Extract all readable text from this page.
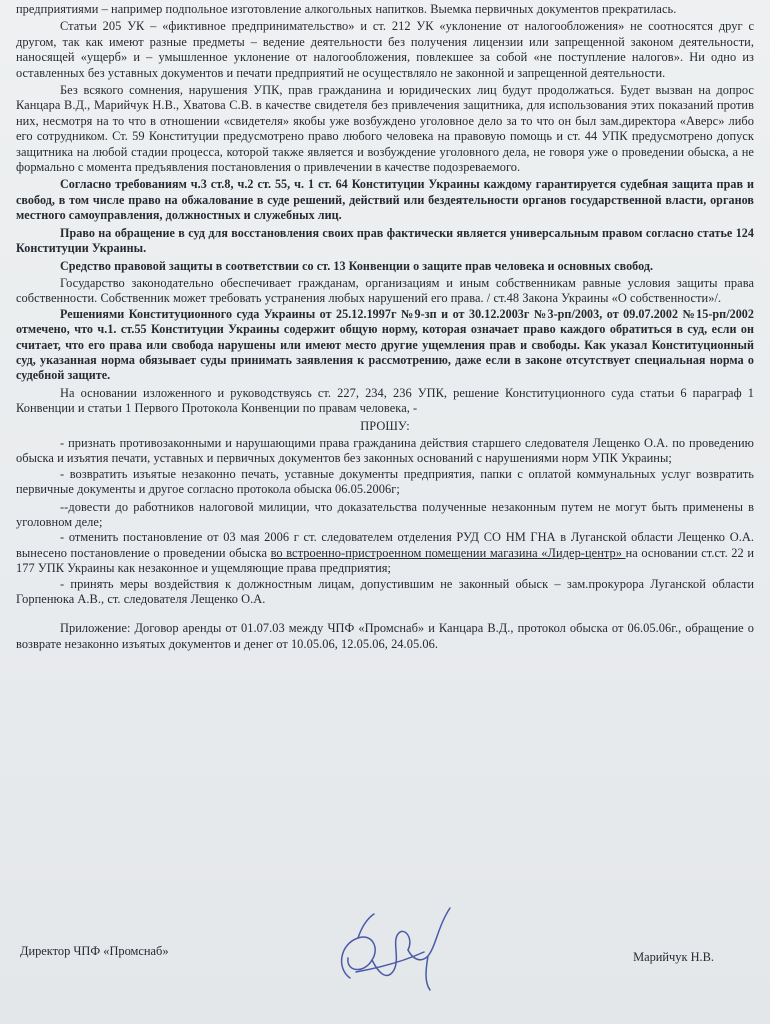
предприятиями – например подпольное изготовление алкогольных напитков. Выемка первичных документов прекратилась.

Статьи 205 УК – «фиктивное предпринимательство» и ст. 212 УК «уклонение от налогообложения» не соотносятся друг с другом, так как имеют разные предметы – ведение деятельности без получения лицензии или запрещенной законом деятельности, наносящей «ущерб» и – умышленное уклонение от налогообложения, повлекшее за собой «не поступление налогов». Ни одно из оставленных без уставных документов и печати предприятий не осуществляло не законной и запрещенной деятельности.

Без всякого сомнения, нарушения УПК, прав гражданина и юридических лиц будут продолжаться. Будет вызван на допрос Канцара В.Д., Марийчук Н.В., Хватова С.В. в качестве свидетеля без привлечения защитника, для использования этих показаний против них, несмотря на то что в отношении «свидетеля» якобы уже возбуждено уголовное дело за то что он был зам.директора «Аверс» либо его сотрудником. Ст. 59 Конституции предусмотрено право любого человека на правовую помощь и ст. 44 УПК предусмотрено допуск защитника на любой стадии процесса, которой также является и возбуждение уголовного дела, не говоря уже о проведении обыска, а не формально с момента предъявления постановления о привлечении в качестве подозреваемого.

Согласно требованиям ч.3 ст.8, ч.2 ст. 55, ч. 1 ст. 64 Конституции Украины каждому гарантируется судебная защита прав и свобод, в том числе право на обжалование в суде решений, действий или бездеятельности органов государственной власти, органов местного самоуправления, должностных и служебных лиц.

Право на обращение в суд для восстановления своих прав фактически является универсальным правом согласно статье 124 Конституции Украины.

Средство правовой защиты в соответствии со ст. 13 Конвенции о защите прав человека и основных свобод.

Государство законодательно обеспечивает гражданам, организациям и иным собственникам равные условия защиты права собственности. Собственник может требовать устранения любых нарушений его права. / ст.48 Закона Украины «О собственности»/.

Решениями Конституционного суда Украины от 25.12.1997г №9-зп и от 30.12.2003г №3-рп/2003, от 09.07.2002 №15-рп/2002 отмечено, что ч.1. ст.55 Конституции Украины содержит общую норму, которая означает право каждого обратиться в суд, если он считает, что его права или свобода нарушены или имеют место другие ущемления прав и свободы. Как указал Конституционный суд, указанная норма обязывает суды принимать заявления к рассмотрению, даже если в законе отсутствует специальная норма о судебной защите.

На основании изложенного и руководствуясь ст. 227, 234, 236 УПК, решение Конституционного суда статьи 6 параграф 1 Конвенции и статьи 1 Первого Протокола Конвенции по правам человека, -

ПРОШУ:

- признать противозаконными и нарушающими права гражданина действия старшего следователя Лещенко О.А. по проведению обыска и изъятия печати, уставных и первичных документов без законных оснований с нарушениями норм УПК Украины;

- возвратить изъятые незаконно печать, уставные документы предприятия, папки с оплатой коммунальных услуг возвратить первичные документы и другое согласно протокола обыска 06.05.2006г;

--довести до работников налоговой милиции, что доказательства полученные незаконным путем не могут быть применены в уголовном деле;

- отменить постановление от 03 мая 2006 г ст. следователем отделения РУД СО НМ ГНА в Луганской области Лещенко О.А. вынесено постановление о проведении обыска во встроенно-пристроенном помещении магазина «Лидер-центр» на основании ст.ст. 22 и 177 УПК Украины как незаконное и ущемляющие права предприятия;

- принять меры воздействия к должностным лицам, допустившим не законный обыск – зам.прокурора Луганской области Горпенюка А.В., ст. следователя Лещенко О.А.

Приложение: Договор аренды от 01.07.03 между ЧПФ «Промснаб» и Канцара В.Д., протокол обыска от 06.05.06г., обращение о возврате незаконно изъятых документов и денег от 10.05.06, 12.05.06, 24.05.06.

Директор ЧПФ «Промснаб»	Марийчук Н.В.
